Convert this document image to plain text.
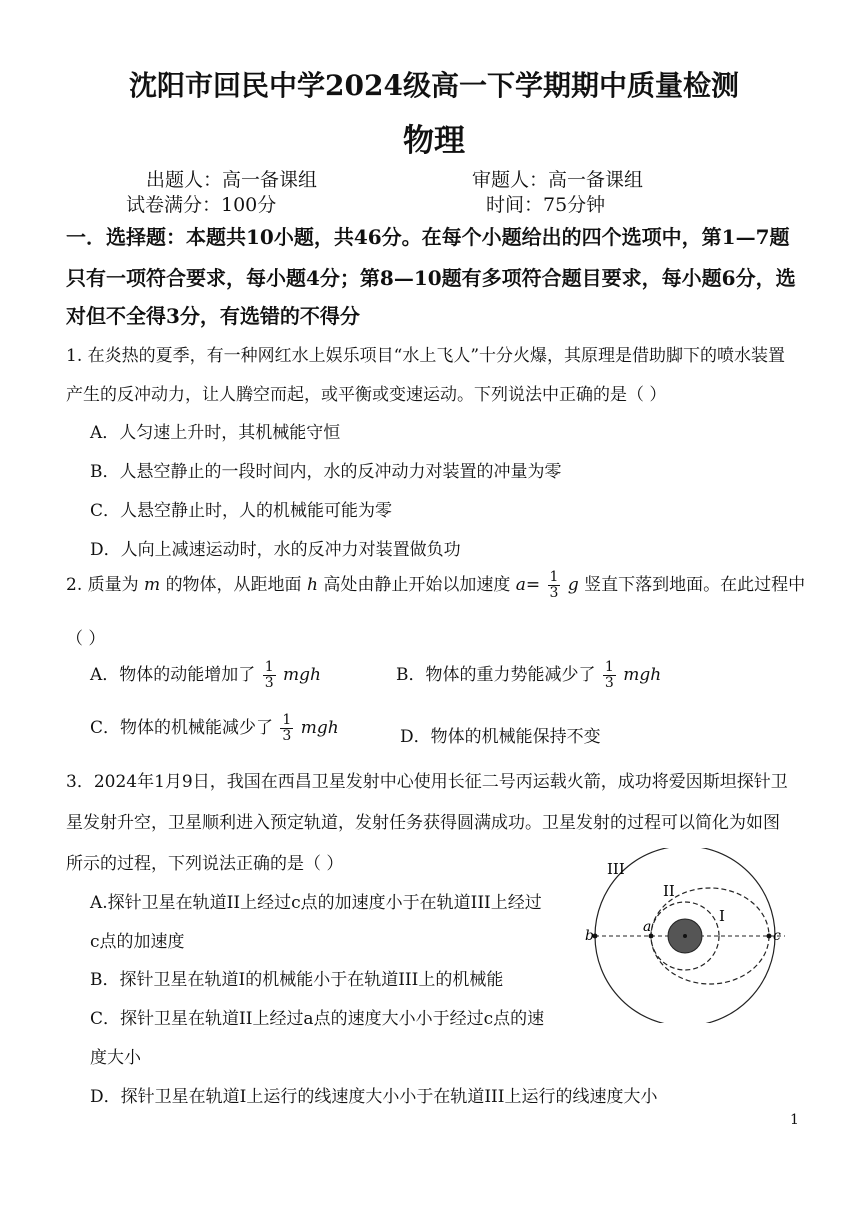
沈阳市回民中学2024级高一下学期期中质量检测
物理
出题人：高一备课组	审题人：高一备课组
试卷满分：100分	时间：75分钟
一．选择题：本题共10小题，共46分。在每个小题给出的四个选项中，第1—7题
只有一项符合要求，每小题4分；第8—10题有多项符合题目要求，每小题6分，选
对但不全得3分，有选错的不得分
1. 在炎热的夏季，有一种网红水上娱乐项目“水上飞人”十分火爆，其原理是借助脚下的喷水装置
产生的反冲动力，让人腾空而起，或平衡或变速运动。下列说法中正确的是（ ）
A．人匀速上升时，其机械能守恒
B．人悬空静止的一段时间内，水的反冲动力对装置的冲量为零
C．人悬空静止时，人的机械能可能为零
D．人向上减速运动时，水的反冲力对装置做负功
2. 质量为 m 的物体，从距地面 h 高处由静止开始以加速度 $a= \frac{1}{3}$ g 竖直下落到地面。在此过程中
（ ）
A．物体的动能增加了 $\frac{1}{3}$ mgh	B．物体的重力势能减少了 $\frac{1}{3}$ mgh
C．物体的机械能减少了 $\frac{1}{3}$ mgh	D．物体的机械能保持不变
3．2024年1月9日，我国在西昌卫星发射中心使用长征二号丙运载火箭，成功将爱因斯坦探针卫
星发射升空，卫星顺利进入预定轨道，发射任务获得圆满成功。卫星发射的过程可以简化为如图
所示的过程，下列说法正确的是（ ）
A.探针卫星在轨道II上经过c点的加速度小于在轨道III上经过
c点的加速度
B．探针卫星在轨道I的机械能小于在轨道III上的机械能
C．探针卫星在轨道II上经过a点的速度大小小于经过c点的速
度大小
D．探针卫星在轨道I上运行的线速度大小小于在轨道III上运行的线速度大小
III
II
I
a
b	c
1
